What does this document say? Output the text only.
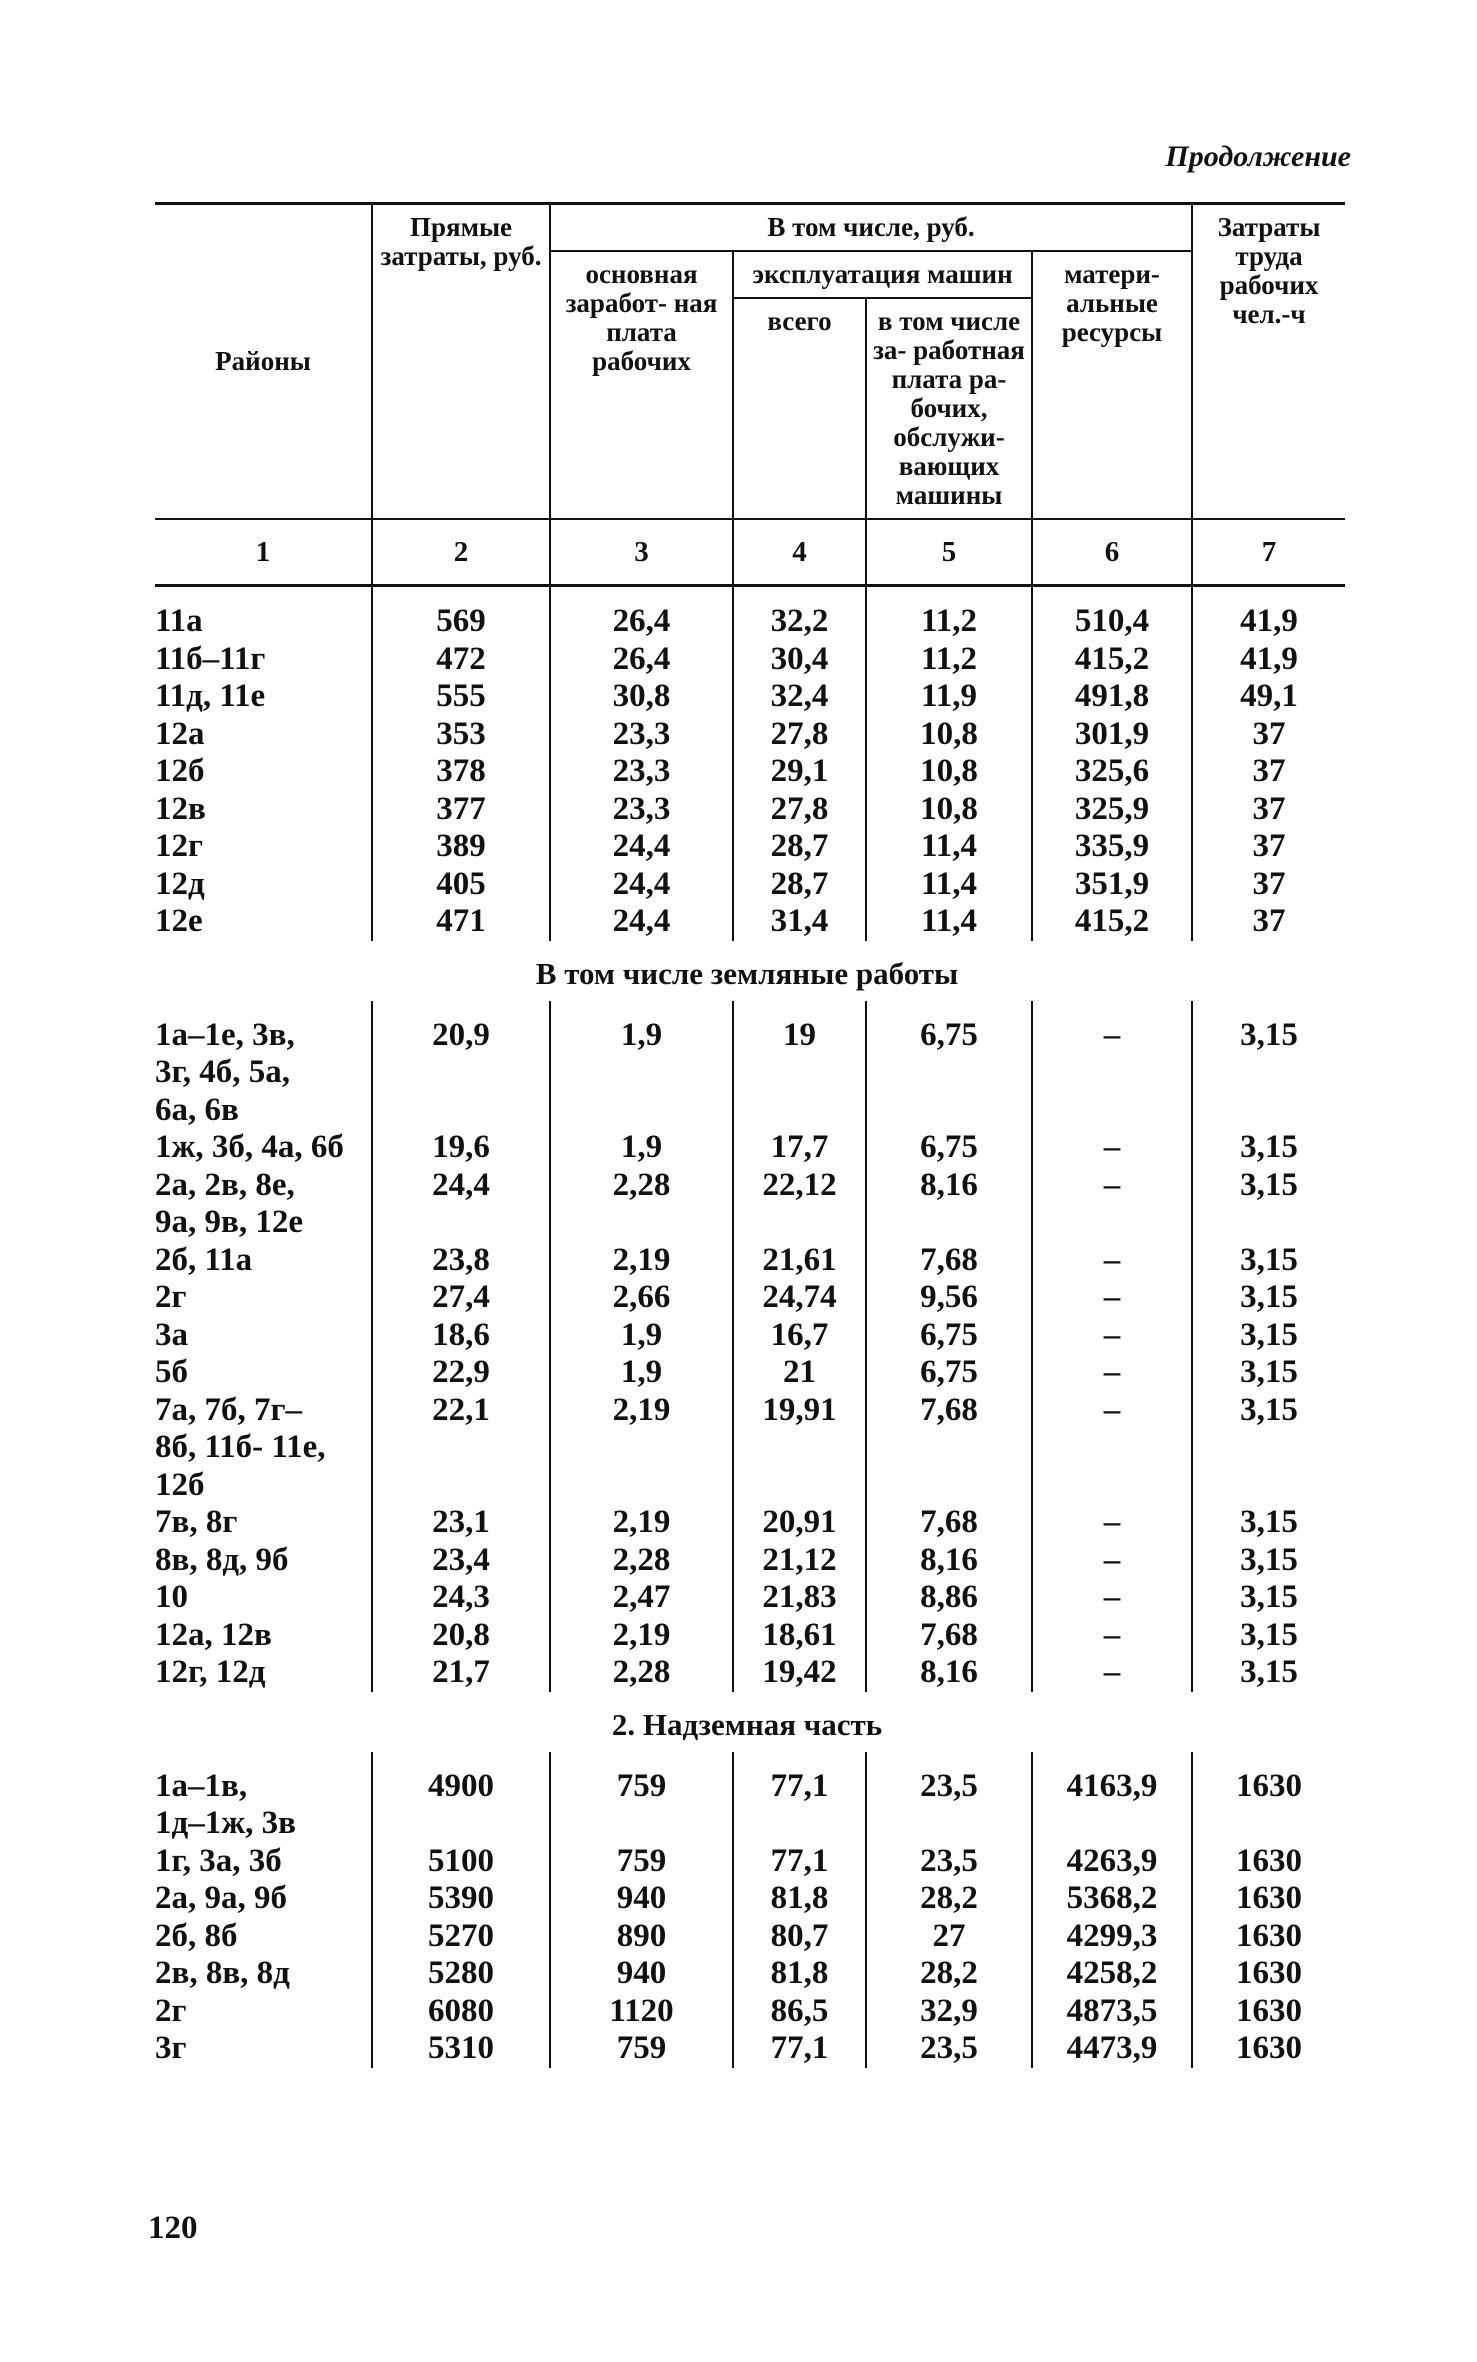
Продолжение
Районы	Прямые затраты, руб.	В том числе, руб.				Затраты труда рабочих чел.-ч
		основная заработ- ная плата рабочих	эксплуатация машин		матери- альные ресурсы	
			всего	в том числе за- работная плата ра- бочих, обслужи- вающих машины		
1	2	3	4	5	6	7
11а	569	26,4	32,2	11,2	510,4	41,9
11б–11г	472	26,4	30,4	11,2	415,2	41,9
11д, 11е	555	30,8	32,4	11,9	491,8	49,1
12а	353	23,3	27,8	10,8	301,9	37
12б	378	23,3	29,1	10,8	325,6	37
12в	377	23,3	27,8	10,8	325,9	37
12г	389	24,4	28,7	11,4	335,9	37
12д	405	24,4	28,7	11,4	351,9	37
12е	471	24,4	31,4	11,4	415,2	37
В том числе земляные работы						
1а–1е, 3в,	20,9	1,9	19	6,75	–	3,15
3г, 4б, 5а,						
6а, 6в						
1ж, 3б, 4а, 6б	19,6	1,9	17,7	6,75	–	3,15
2а, 2в, 8е,	24,4	2,28	22,12	8,16	–	3,15
9а, 9в, 12е						
2б, 11а	23,8	2,19	21,61	7,68	–	3,15
2г	27,4	2,66	24,74	9,56	–	3,15
3а	18,6	1,9	16,7	6,75	–	3,15
5б	22,9	1,9	21	6,75	–	3,15
7а, 7б, 7г–	22,1	2,19	19,91	7,68	–	3,15
8б, 11б- 11е,						
12б						
7в, 8г	23,1	2,19	20,91	7,68	–	3,15
8в, 8д, 9б	23,4	2,28	21,12	8,16	–	3,15
10	24,3	2,47	21,83	8,86	–	3,15
12а, 12в	20,8	2,19	18,61	7,68	–	3,15
12г, 12д	21,7	2,28	19,42	8,16	–	3,15
2. Надземная часть						
1а–1в,	4900	759	77,1	23,5	4163,9	1630
1д–1ж, 3в						
1г, 3а, 3б	5100	759	77,1	23,5	4263,9	1630
2а, 9а, 9б	5390	940	81,8	28,2	5368,2	1630
2б, 8б	5270	890	80,7	27	4299,3	1630
2в, 8в, 8д	5280	940	81,8	28,2	4258,2	1630
2г	6080	1120	86,5	32,9	4873,5	1630
3г	5310	759	77,1	23,5	4473,9	1630
120
